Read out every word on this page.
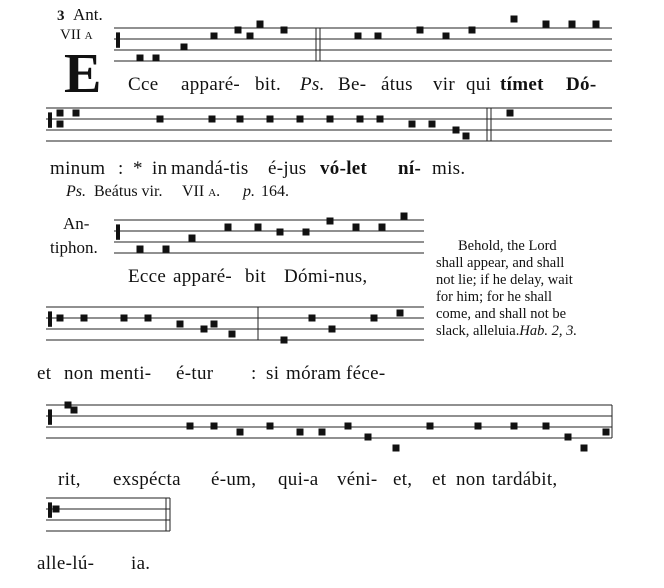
3 Ant.
VII a
E Cce apparé- bit. Ps. Be- átus vir qui tímet Dó-
minum : * in mandá-tis é-jus vó-let ní- mis.
Ps. Beátus vir. VII a. p. 164.
An-
tiphon.
Ecce apparé- bit Dómi-nus,
et non menti- é-tur : si móram féce-
rit, exspécta é-um, qui-a véni- et, et non tardábit,
alle-lú- ia.
Behold, the Lord
shall appear, and shall
not lie; if he delay, wait
for him; for he shall
come, and shall not be
slack, alleluia.Hab. 2, 3.
